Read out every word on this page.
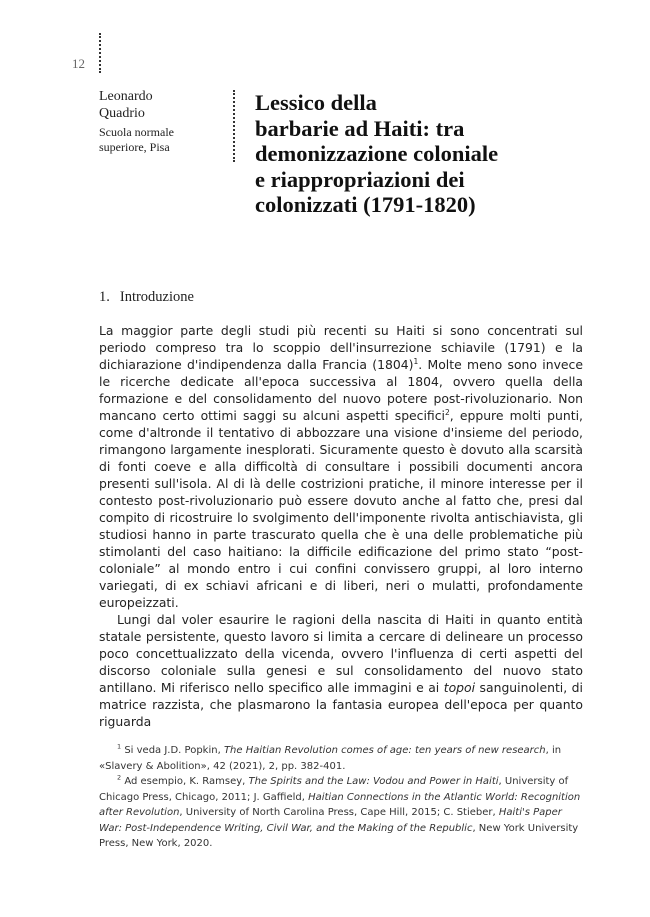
12
Leonardo
Quadrio
Scuola normale
superiore, Pisa
Lessico della
barbarie ad Haiti: tra
demonizzazione coloniale
e riappropriazioni dei
colonizzati (1791-1820)
1. Introduzione

La maggior parte degli studi più recenti su Haiti si sono concentrati sul periodo compreso tra lo scoppio dell'insurrezione schiavile (1791) e la dichiarazione d'indipendenza dalla Francia $(1804)^1$. Molte meno sono invece le ricerche dedicate all'epoca successiva al 1804, ovvero quella della formazione e del consolidamento del nuovo potere post-rivoluzionario. Non mancano certo ottimi saggi su alcuni aspetti specifici$^2$, eppure molti punti, come d'altronde il tentativo di abbozzare una visione d'insieme del periodo, rimangono largamente inesplorati. Sicuramente questo è dovuto alla scarsità di fonti coeve e alla difficoltà di consultare i possibili documenti ancora presenti sull'isola. Al di là delle costrizioni pratiche, il minore interesse per il contesto post-rivoluzionario può essere dovuto anche al fatto che, presi dal compito di ricostruire lo svolgimento dell'imponente rivolta antischiavista, gli studiosi hanno in parte trascurato quella che è una delle problematiche più stimolanti del caso haitiano: la difficile edificazione del primo stato “post-coloniale” al mondo entro i cui confini convissero gruppi, al loro interno variegati, di ex schiavi africani e di liberi, neri o mulatti, profondamente europeizzati.

Lungi dal voler esaurire le ragioni della nascita di Haiti in quanto entità statale persistente, questo lavoro si limita a cercare di delineare un processo poco concettualizzato della vicenda, ovvero l'influenza di certi aspetti del discorso coloniale sulla genesi e sul consolidamento del nuovo stato antillano. Mi riferisco nello specifico alle immagini e ai topoi sanguinolenti, di matrice razzista, che plasmarono la fantasia europea dell'epoca per quanto riguarda

$^1$ Si veda J.D. Popkin, The Haitian Revolution comes of age: ten years of new research, in «Slavery & Abolition», 42 (2021), 2, pp. 382-401.

$^2$ Ad esempio, K. Ramsey, The Spirits and the Law: Vodou and Power in Haiti, University of Chicago Press, Chicago, 2011; J. Gaffield, Haitian Connections in the Atlantic World: Recognition after Revolution, University of North Carolina Press, Cape Hill, 2015; C. Stieber, Haiti's Paper War: Post-Independence Writing, Civil War, and the Making of the Republic, New York University Press, New York, 2020.
